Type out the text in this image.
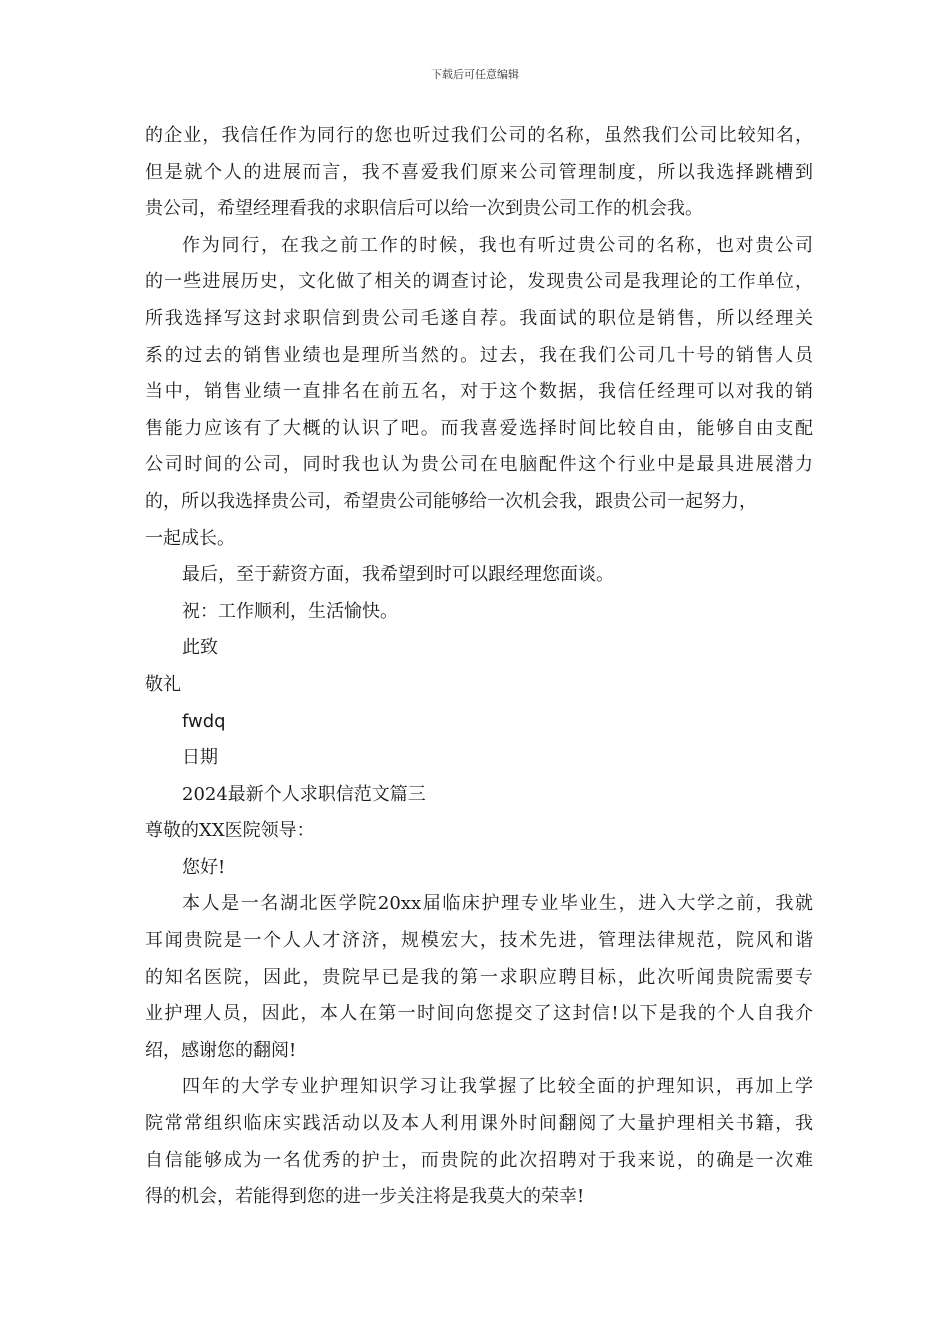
下载后可任意编辑
的企业，我信任作为同行的您也听过我们公司的名称，虽然我们公司比较知名，
但是就个人的进展而言，我不喜爱我们原来公司管理制度，所以我选择跳槽到
贵公司，希望经理看我的求职信后可以给一次到贵公司工作的机会我。
作为同行，在我之前工作的时候，我也有听过贵公司的名称，也对贵公司
的一些进展历史，文化做了相关的调查讨论，发现贵公司是我理论的工作单位，
所我选择写这封求职信到贵公司毛遂自荐。我面试的职位是销售，所以经理关
系的过去的销售业绩也是理所当然的。过去，我在我们公司几十号的销售人员
当中，销售业绩一直排名在前五名，对于这个数据，我信任经理可以对我的销
售能力应该有了大概的认识了吧。而我喜爱选择时间比较自由，能够自由支配
公司时间的公司，同时我也认为贵公司在电脑配件这个行业中是最具进展潜力
的，所以我选择贵公司，希望贵公司能够给一次机会我，跟贵公司一起努力，
一起成长。
最后，至于薪资方面，我希望到时可以跟经理您面谈。
祝：工作顺利，生活愉快。
此致
敬礼
fwdq
日期
2024最新个人求职信范文篇三
尊敬的XX医院领导：
您好!
本人是一名湖北医学院20xx届临床护理专业毕业生，进入大学之前，我就
耳闻贵院是一个人人才济济，规模宏大，技术先进，管理法律规范，院风和谐
的知名医院，因此，贵院早已是我的第一求职应聘目标，此次听闻贵院需要专
业护理人员，因此，本人在第一时间向您提交了这封信!以下是我的个人自我介
绍，感谢您的翻阅!
四年的大学专业护理知识学习让我掌握了比较全面的护理知识，再加上学
院常常组织临床实践活动以及本人利用课外时间翻阅了大量护理相关书籍，我
自信能够成为一名优秀的护士，而贵院的此次招聘对于我来说，的确是一次难
得的机会，若能得到您的进一步关注将是我莫大的荣幸!
